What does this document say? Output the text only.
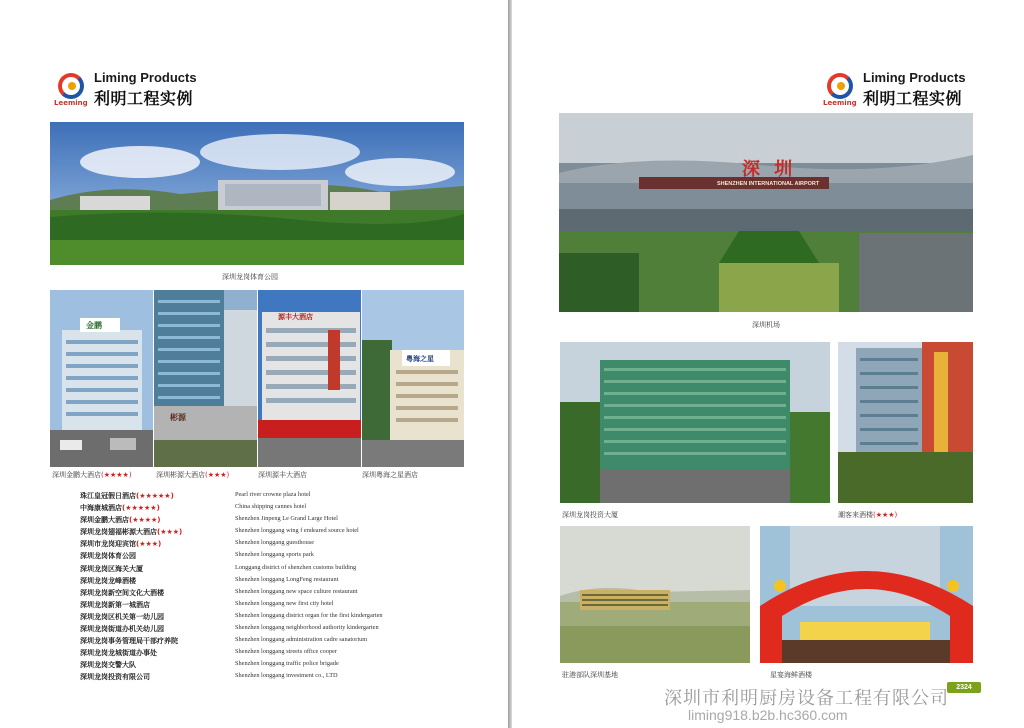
Leeming
Liming Products
利明工程实例
深圳龙岗体育公园
金鹏
彬源
源丰大酒店
粤海之星
深圳金鹏大酒店(★★★★)	深圳彬源大酒店(★★★)	深圳源丰大酒店	深圳粤海之星酒店
珠江皇冠假日酒店(★★★★★)	Pearl river crowne plaza hotel
中海康城酒店(★★★★★)	China shipping cannes hotel
深圳金鹏大酒店(★★★★)	Shenzhen Jinpeng Le Grand Large Hotel
深圳龙岗翅福彬源大酒店(★★★)	Shenzhen longgang wing f endeared source hotel
深圳市龙岗迎宾馆(★★★)	Shenzhen longgang guesthouse
深圳龙岗体育公园	Shenzhen longgang sports park
深圳龙岗区海关大厦	Longgang district of shenzhen customs building
深圳龙岗龙峰酒楼	Shenzhen longgang LongFeng restaurant
深圳龙岗新空间文化大酒楼	Shenzhen longgang new space culture restaurant
深圳龙岗新第一城酒店	Shenzhen longgang new first city hotel
深圳龙岗区机关第一幼儿园	Shenzhen longgang district organ for the first kindergarten
深圳龙岗街道办机关幼儿园	Shenzhen longgang neighborhood authority kindergarten
深圳龙岗事务管理局干部疗养院	Shenzhen longgang administration cadre sanatorium
深圳龙岗龙城街道办事处	Shenzhen longgang streets office cooper
深圳龙岗交警大队	Shenzhen longgang traffic police brigade
深圳龙岗投资有限公司	Shenzhen longgang investment co., LTD
Leeming
Liming Products
利明工程实例
深 圳
SHENZHEN INTERNATIONAL AIRPORT
深圳机场
深圳龙岗投资大厦	潮客来酒楼(★★★)
驻港部队深圳基地	星宴海鲜酒楼
2324
深圳市利明厨房设备工程有限公司
liming918.b2b.hc360.com
